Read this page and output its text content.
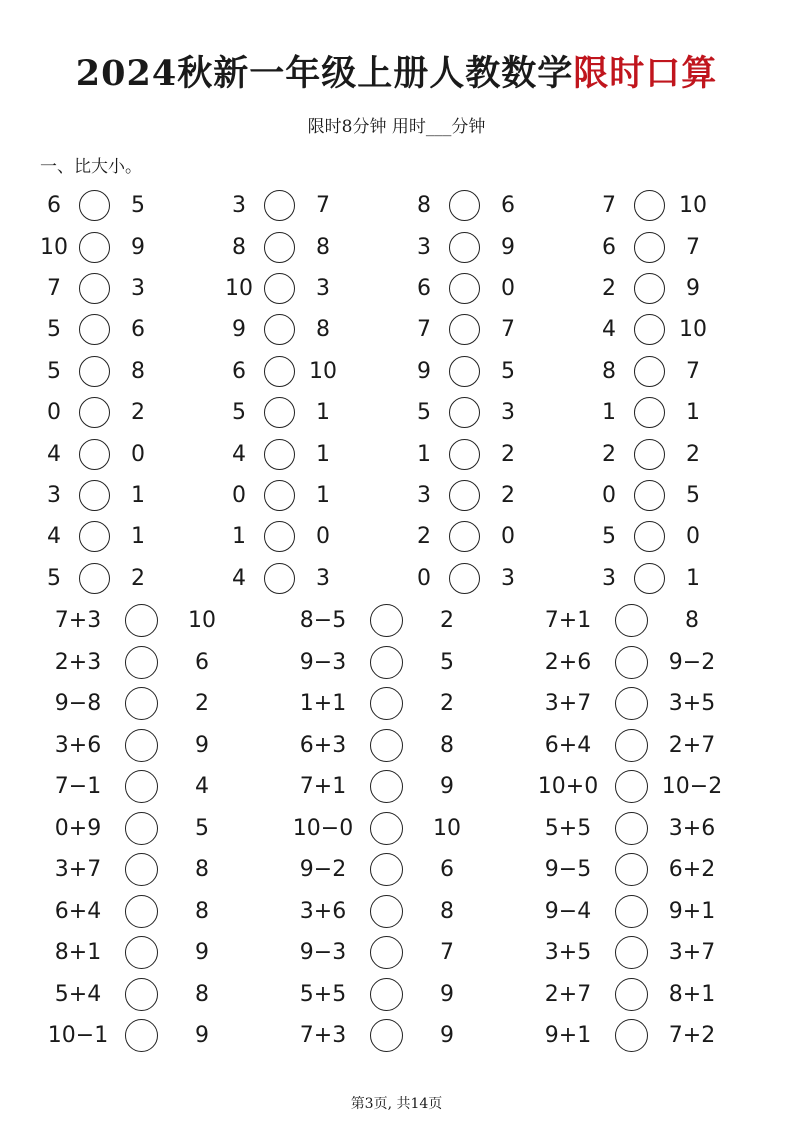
2024秋新一年级上册人教数学限时口算
限时8分钟 用时___分钟
一、比大小。
6	5	3	7	8	6	7	10
10	9	8	8	3	9	6	7
7	3	10	3	6	0	2	9
5	6	9	8	7	7	4	10
5	8	6	10	9	5	8	7
0	2	5	1	5	3	1	1
4	0	4	1	1	2	2	2
3	1	0	1	3	2	0	5
4	1	1	0	2	0	5	0
5	2	4	3	0	3	3	1
7+3	10	8−5	2	7+1	8
2+3	6	9−3	5	2+6	9−2
9−8	2	1+1	2	3+7	3+5
3+6	9	6+3	8	6+4	2+7
7−1	4	7+1	9	10+0	10−2
0+9	5	10−0	10	5+5	3+6
3+7	8	9−2	6	9−5	6+2
6+4	8	3+6	8	9−4	9+1
8+1	9	9−3	7	3+5	3+7
5+4	8	5+5	9	2+7	8+1
10−1	9	7+3	9	9+1	7+2
第3页, 共14页
